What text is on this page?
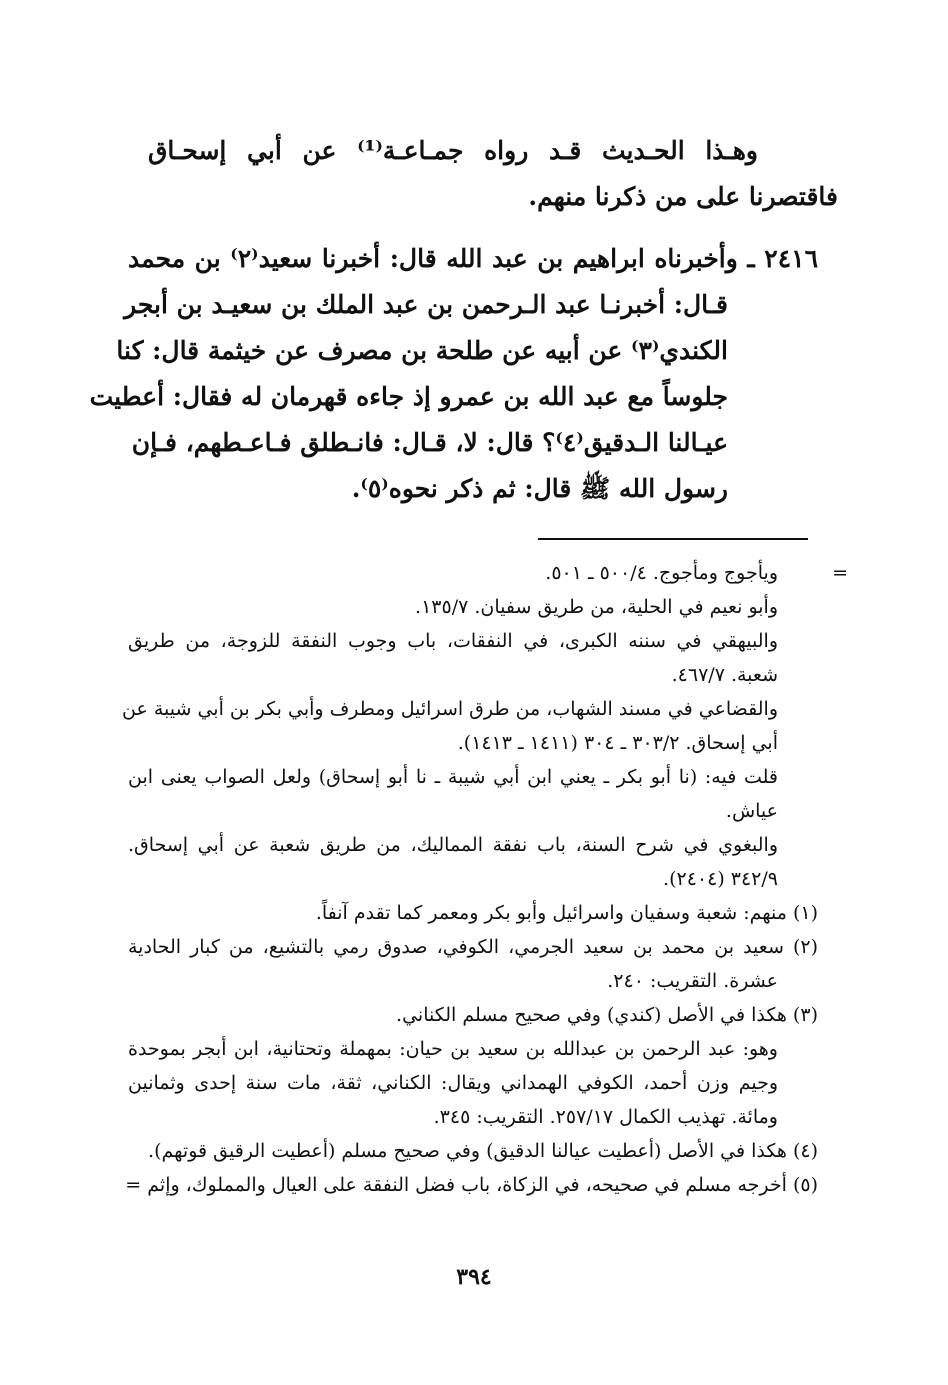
وهـذا الحـديث قـد رواه جمـاعـة⁽¹⁾ عن أبي إسحـاق
فاقتصرنا على من ذكرنا منهم.
٢٤١٦ ـ وأخبرناه ابراهيم بن عبد الله قال: أخبرنا سعيد⁽٢⁾ بن محمد
قـال: أخبرنـا عبد الـرحمن بن عبد الملك بن سعيـد بن أبجر
الكندي⁽٣⁾ عن أبيه عن طلحة بن مصرف عن خيثمة قال: كنا
جلوساً مع عبد الله بن عمرو إذ جاءه قهرمان له فقال: أعطيت
عيـالنا الـدقيق⁽٤⁾؟ قال: لا، قـال: فانـطلق فـاعـطهم، فـإن
رسول الله ﷺ قال: ثم ذكر نحوه⁽٥⁾.
=
ويأجوج ومأجوج. ٥٠٠/٤ ـ ٥٠١.
وأبو نعيم في الحلية، من طريق سفيان. ١٣٥/٧.
والبيهقي في سننه الكبرى، في النفقات، باب وجوب النفقة للزوجة، من طريق
شعبة. ٤٦٧/٧.
والقضاعي في مسند الشهاب، من طرق اسرائيل ومطرف وأبي بكر بن أبي شيبة عن
أبي إسحاق. ٣٠٣/٢ ـ ٣٠٤ (١٤١١ ـ ١٤١٣).
قلت فيه: (نا أبو بكر ـ يعني ابن أبي شيبة ـ نا أبو إسحاق) ولعل الصواب يعنى ابن
عياش.
والبغوي في شرح السنة، باب نفقة المماليك، من طريق شعبة عن أبي إسحاق.
٣٤٢/٩ (٢٤٠٤).
(١) منهم: شعبة وسفيان واسرائيل وأبو بكر ومعمر كما تقدم آنفاً.
(٢) سعيد بن محمد بن سعيد الجرمي، الكوفي، صدوق رمي بالتشيع، من كبار الحادية
عشرة. التقريب: ٢٤٠.
(٣) هكذا في الأصل (كندي) وفي صحيح مسلم الكناني.
وهو: عبد الرحمن بن عبدالله بن سعيد بن حيان: بمهملة وتحتانية، ابن أبجر بموحدة
وجيم وزن أحمد، الكوفي الهمداني ويقال: الكناني، ثقة، مات سنة إحدى وثمانين
ومائة. تهذيب الكمال ٢٥٧/١٧. التقريب: ٣٤٥.
(٤) هكذا في الأصل (أعطيت عيالنا الدقيق) وفي صحيح مسلم (أعطيت الرقيق قوتهم).
(٥) أخرجه مسلم في صحيحه، في الزكاة، باب فضل النفقة على العيال والمملوك، وإثم =
٣٩٤
